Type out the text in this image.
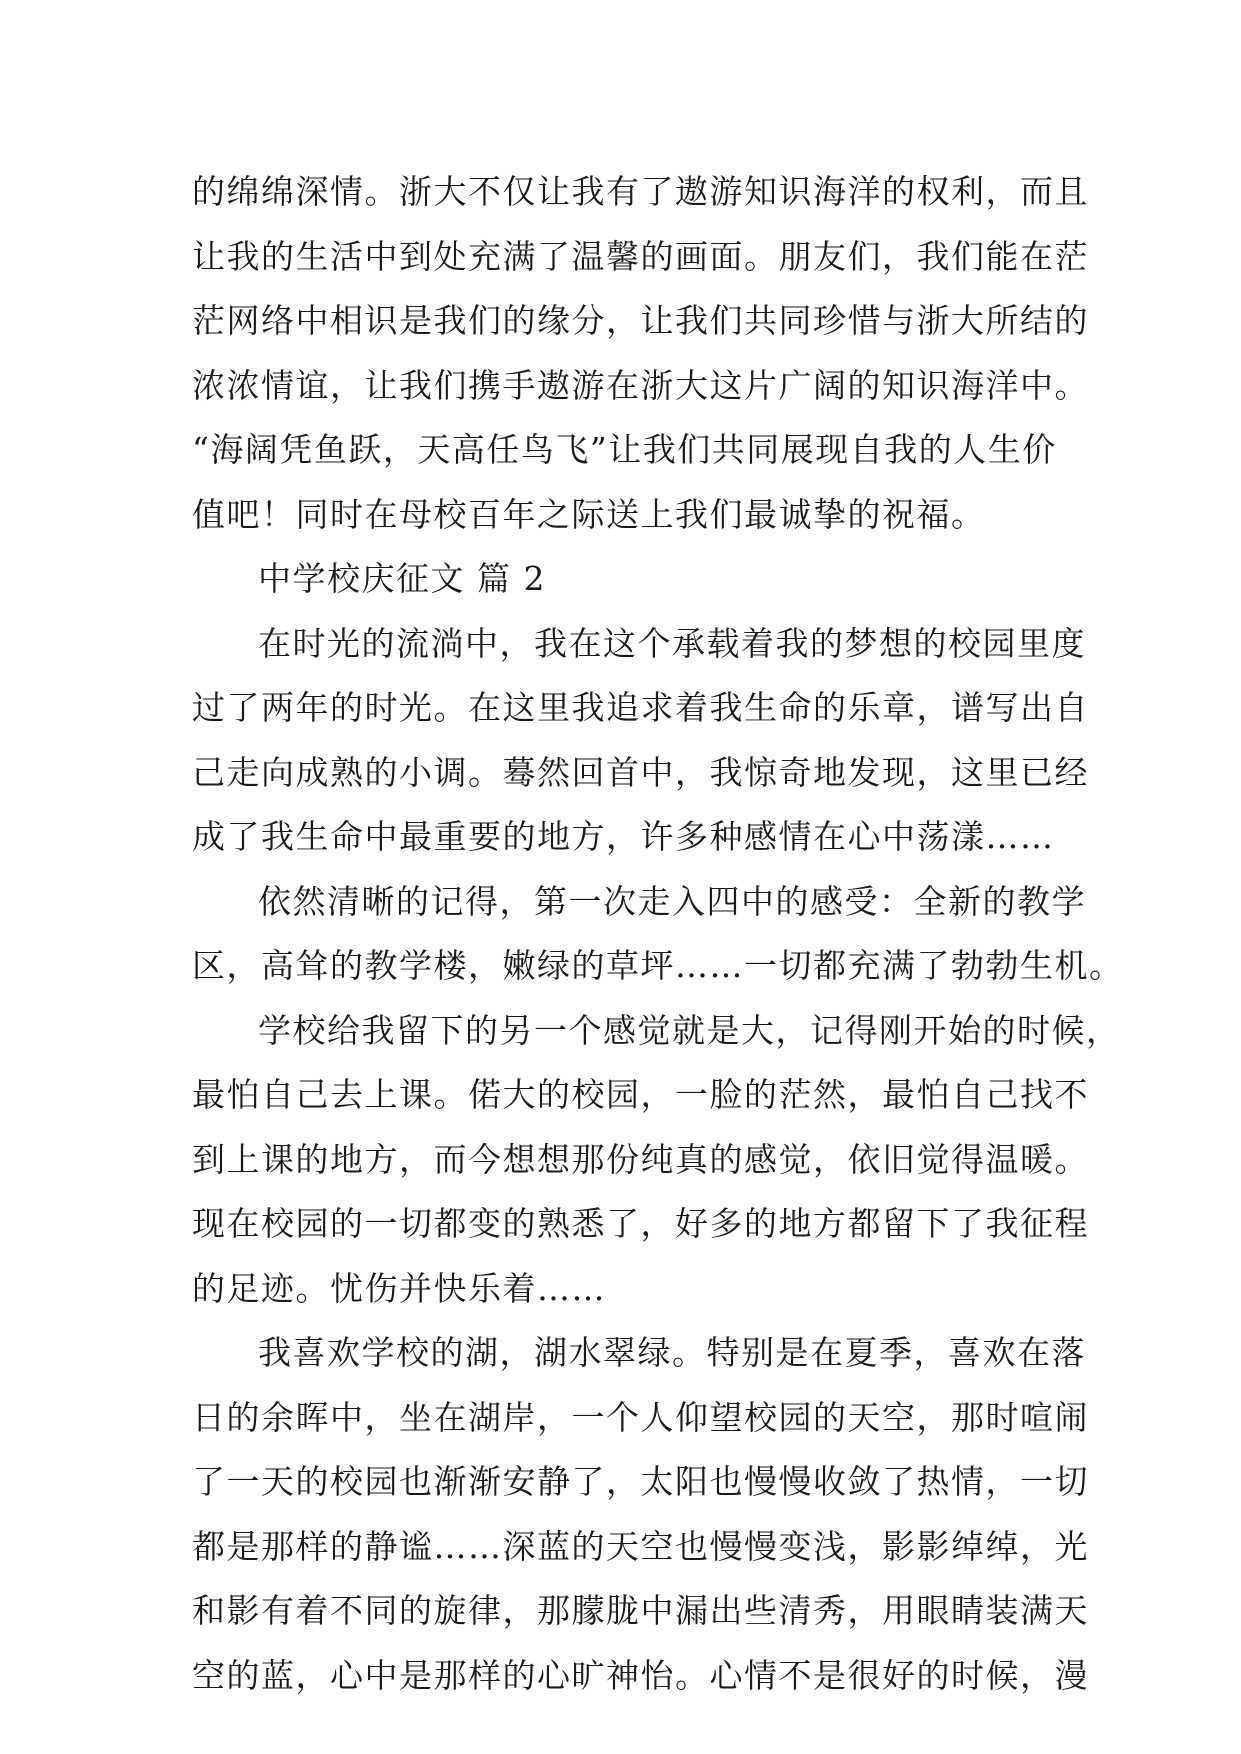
的绵绵深情。浙大不仅让我有了遨游知识海洋的权利，而且
让我的生活中到处充满了温馨的画面。朋友们，我们能在茫
茫网络中相识是我们的缘分，让我们共同珍惜与浙大所结的
浓浓情谊，让我们携手遨游在浙大这片广阔的知识海洋中。
“海阔凭鱼跃，天高任鸟飞”让我们共同展现自我的人生价
值吧！同时在母校百年之际送上我们最诚挚的祝福。
中学校庆征文 篇 2
在时光的流淌中，我在这个承载着我的梦想的校园里度
过了两年的时光。在这里我追求着我生命的乐章，谱写出自
己走向成熟的小调。蓦然回首中，我惊奇地发现，这里已经
成了我生命中最重要的地方，许多种感情在心中荡漾……
依然清晰的记得，第一次走入四中的感受：全新的教学
区，高耸的教学楼，嫩绿的草坪……一切都充满了勃勃生机。
学校给我留下的另一个感觉就是大，记得刚开始的时候，
最怕自己去上课。偌大的校园，一脸的茫然，最怕自己找不
到上课的地方，而今想想那份纯真的感觉，依旧觉得温暖。
现在校园的一切都变的熟悉了，好多的地方都留下了我征程
的足迹。忧伤并快乐着……
我喜欢学校的湖，湖水翠绿。特别是在夏季，喜欢在落
日的余晖中，坐在湖岸，一个人仰望校园的天空，那时喧闹
了一天的校园也渐渐安静了，太阳也慢慢收敛了热情，一切
都是那样的静谧……深蓝的天空也慢慢变浅，影影绰绰，光
和影有着不同的旋律，那朦胧中漏出些清秀，用眼睛装满天
空的蓝，心中是那样的心旷神怡。心情不是很好的时候，漫
